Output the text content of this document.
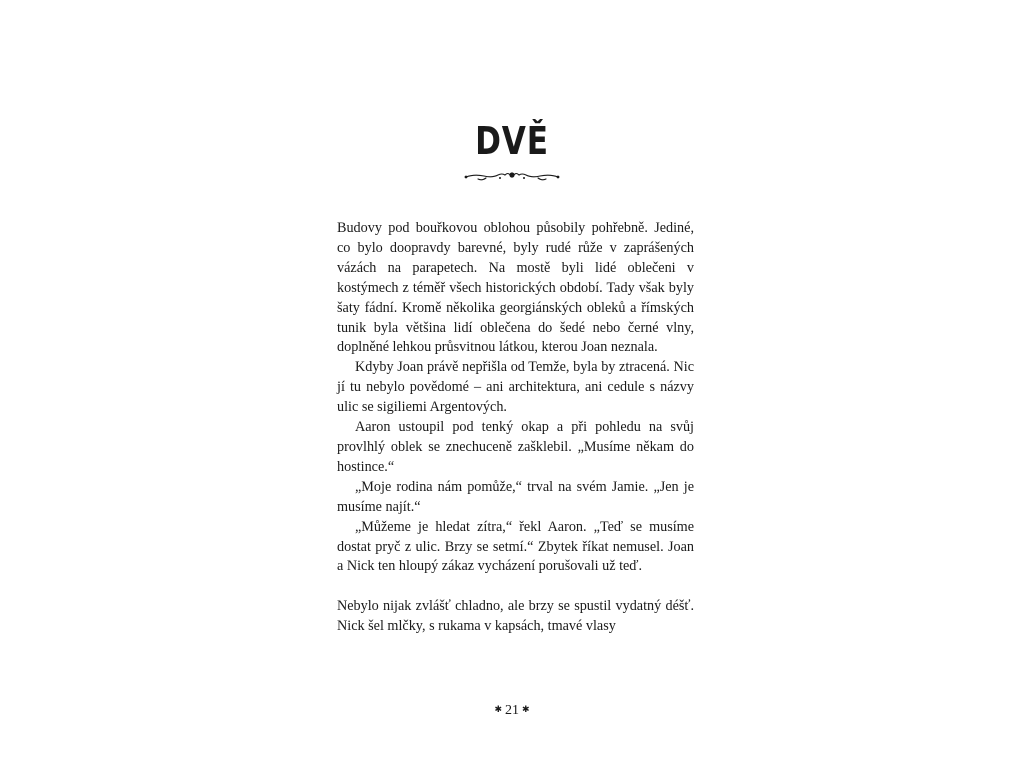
DVĚ

Budovy pod bouřkovou oblohou působily pohřebně. Jediné, co bylo doopravdy barevné, byly rudé růže v zaprášených vázách na parapetech. Na mostě byli lidé oblečeni v kostýmech z téměř všech historických období. Tady však byly šaty fádní. Kromě několika georgiánských obleků a římských tunik byla většina lidí oblečena do šedé nebo černé vlny, doplněné lehkou průsvitnou látkou, kterou Joan neznala.

Kdyby Joan právě nepřišla od Temže, byla by ztracená. Nic jí tu nebylo povědomé – ani architektura, ani cedule s názvy ulic se sigiliemi Argentových.

Aaron ustoupil pod tenký okap a při pohledu na svůj provlhlý oblek se znechuceně zašklebil. „Musíme někam do hostince.“

„Moje rodina nám pomůže,“ trval na svém Jamie. „Jen je musíme najít.“

„Můžeme je hledat zítra,“ řekl Aaron. „Teď se musíme dostat pryč z ulic. Brzy se setmí.“ Zbytek říkat nemusel. Joan a Nick ten hloupý zákaz vycházení porušovali už teď.

Nebylo nijak zvlášť chladno, ale brzy se spustil vydatný déšť. Nick šel mlčky, s rukama v kapsách, tmavé vlasy

✱ 21 ✱
